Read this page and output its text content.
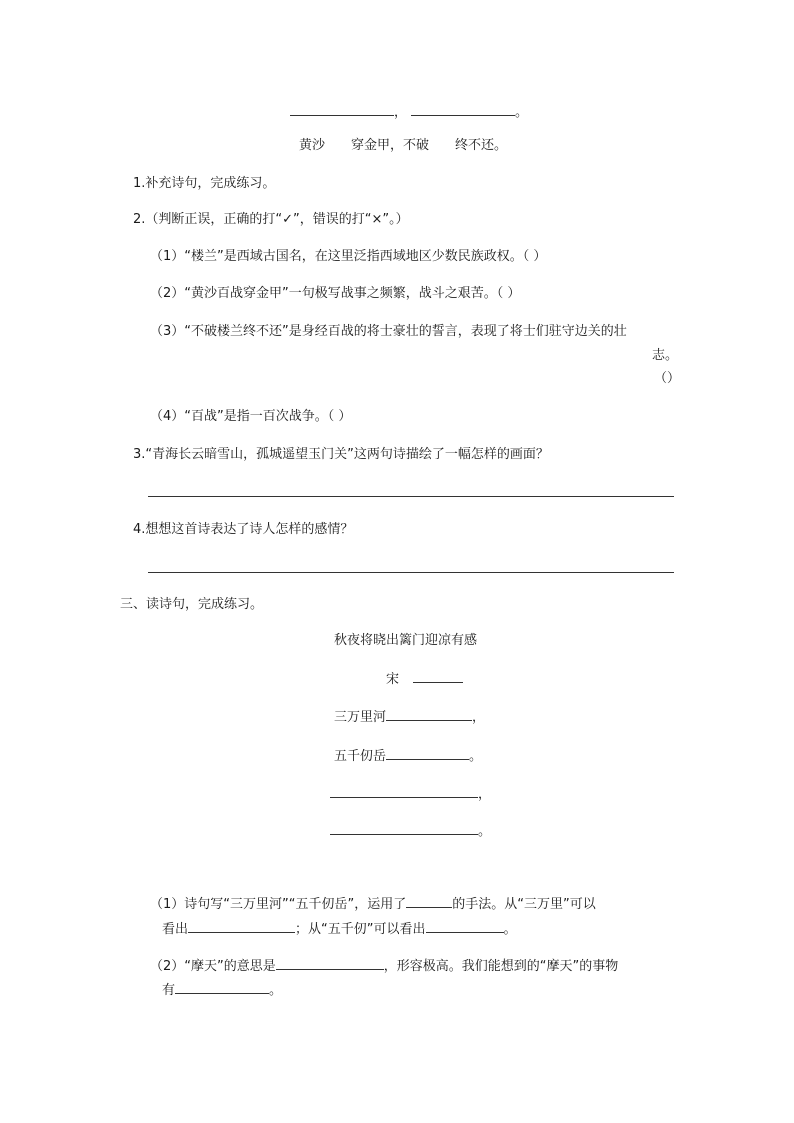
，	。
黄沙 穿金甲，不破 终不还。
1.补充诗句，完成练习。
2.（判断正误，正确的打“✓”，错误的打“×”。）
（1）“楼兰”是西域古国名，在这里泛指西域地区少数民族政权。（ ）
（2）“黄沙百战穿金甲”一句极写战事之频繁，战斗之艰苦。（ ）
（3）“不破楼兰终不还”是身经百战的将士豪壮的誓言，表现了将士们驻守边关的壮
志。
（）
（4）“百战”是指一百次战争。（ ）
3.“青海长云暗雪山，孤城遥望玉门关”这两句诗描绘了一幅怎样的画面？
4.想想这首诗表达了诗人怎样的感情？
三、读诗句，完成练习。
秋夜将晓出篱门迎凉有感
宋
三万里河	，
五千仞岳	。
，
。
（1）诗句写“三万里河”“五千仞岳”，运用了	的手法。从“三万里”可以
看出	；从“五千仞”可以看出	。
（2）“摩天”的意思是	，形容极高。我们能想到的“摩天”的事物
有	。
